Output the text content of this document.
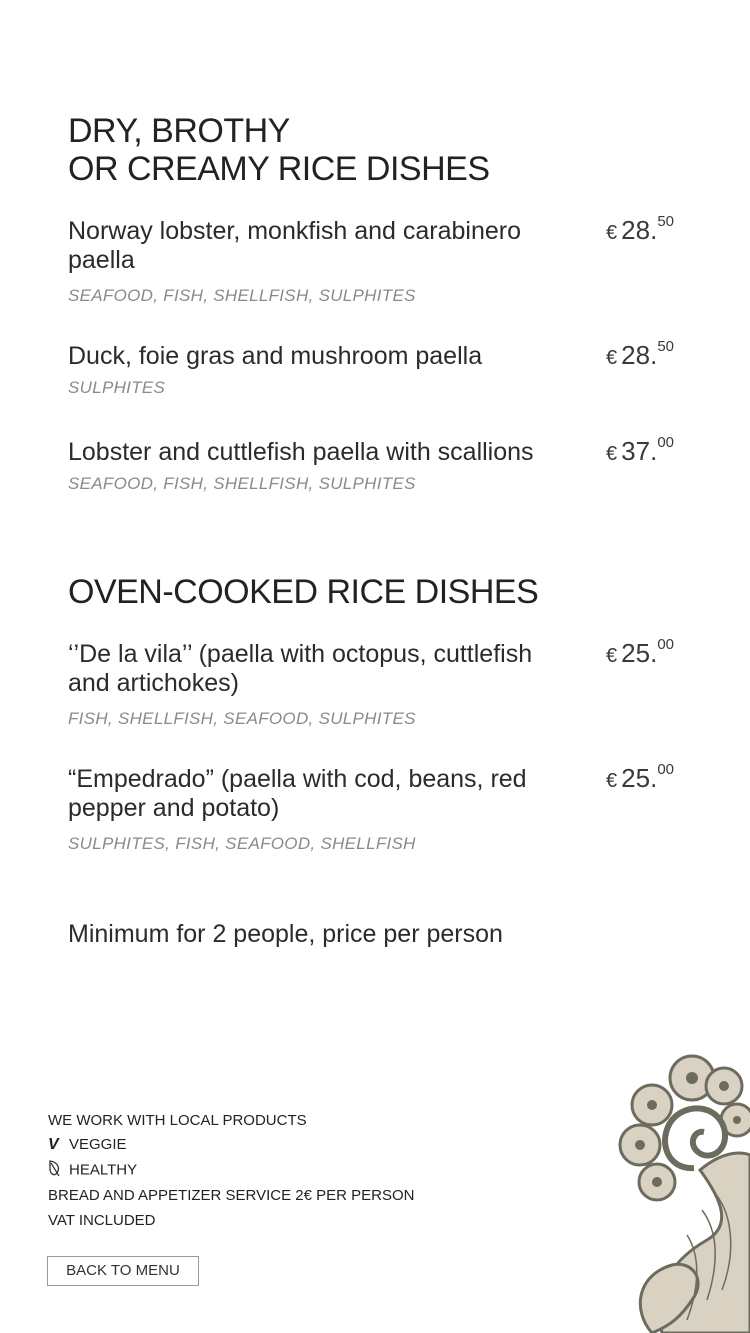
DRY, BROTHY
OR CREAMY RICE DISHES
Norway lobster, monkfish and carabinero paella
SEAFOOD, FISH, SHELLFISH, SULPHITES
€ 28.50
Duck, foie gras and mushroom paella
SULPHITES
€ 28.50
Lobster and cuttlefish paella with scallions
SEAFOOD, FISH, SHELLFISH, SULPHITES
€ 37.00
OVEN-COOKED RICE DISHES
‘’De la vila’’ (paella with octopus, cuttlefish and artichokes)
FISH, SHELLFISH, SEAFOOD, SULPHITES
€ 25.00
“Empedrado” (paella with cod, beans, red pepper and potato)
SULPHITES, FISH, SEAFOOD, SHELLFISH
€ 25.00

Minimum for 2 people, price per person

WE WORK WITH LOCAL PRODUCTS

V VEGGIE

HEALTHY

BREAD AND APPETIZER SERVICE 2€ PER PERSON

VAT INCLUDED

BACK TO MENU
